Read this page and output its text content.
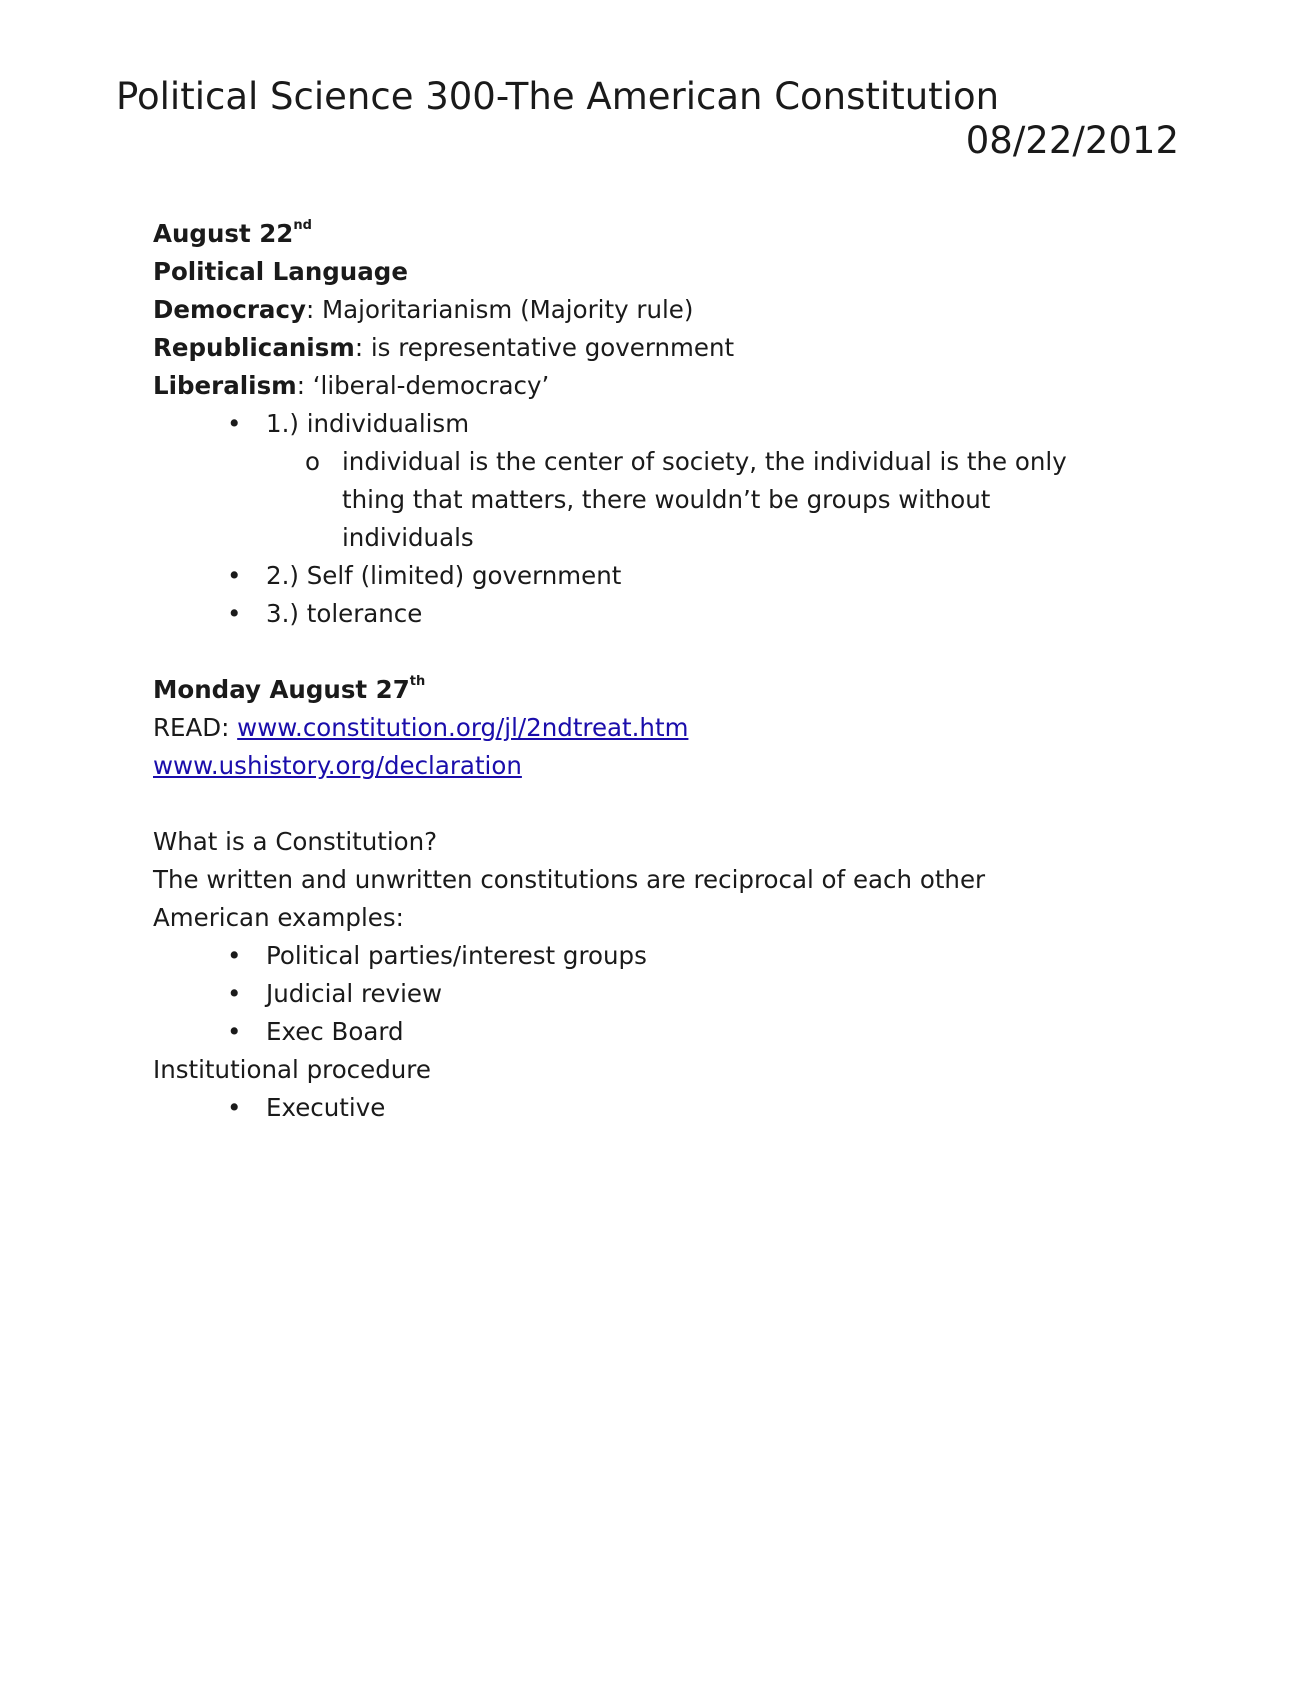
Political Science 300-The American Constitution
08/22/2012
August 22nd
Political Language
Democracy: Majoritarianism (Majority rule)
Republicanism: is representative government
Liberalism: ‘liberal-democracy’
• 1.) individualism
o individual is the center of society, the individual is the only thing that matters, there wouldn’t be groups without individuals
• 2.) Self (limited) government
• 3.) tolerance
Monday August 27th
READ: www.constitution.org/jl/2ndtreat.htm
www.ushistory.org/declaration
What is a Constitution?
The written and unwritten constitutions are reciprocal of each other
American examples:
• Political parties/interest groups
• Judicial review
• Exec Board
Institutional procedure
• Executive
